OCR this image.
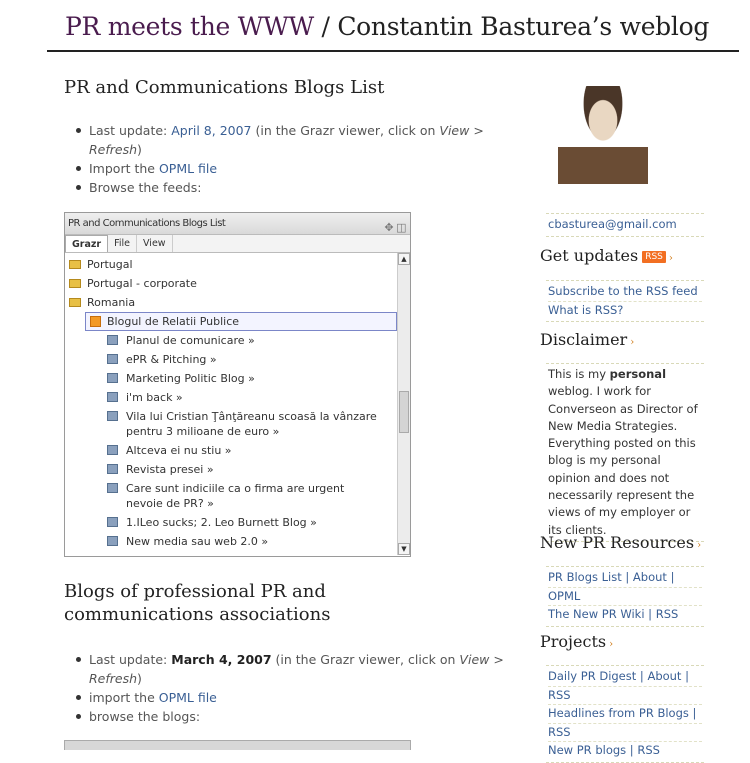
PR meets the WWW / Constantin Basturea’s weblog
PR and Communications Blogs List
Last update: April 8, 2007 (in the Grazr viewer, click on View > Refresh)
Import the OPML file
Browse the feeds:
PR and Communications Blogs List	✥ ◫
Grazr	File	View
Portugal
Portugal - corporate
Romania
Blogul de Relatii Publice
Planul de comunicare »
ePR & Pitching »
Marketing Politic Blog »
i'm back »
Vila lui Cristian Ţânţăreanu scoasă la vânzare pentru 3 milioane de euro »
Altceva ei nu stiu »
Revista presei »
Care sunt indiciile ca o firma are urgent nevoie de PR? »
1.ILeo sucks; 2. Leo Burnett Blog »
New media sau web 2.0 »
▲
▼
Blogs of professional PR and communications associations
Last update: March 4, 2007 (in the Grazr viewer, click on View > Refresh)
import the OPML file
browse the blogs:
cbasturea@gmail.com
Get updates RSS ›
Subscribe to the RSS feed
What is RSS?
Disclaimer ›
This is my personal weblog. I work for Converseon as Director of New Media Strategies. Everything posted on this blog is my personal opinion and does not necessarily represent the views of my employer or its clients.
New PR Resources ›
PR Blogs List | About |
OPML
The New PR Wiki | RSS
Projects ›
Daily PR Digest | About |
RSS
Headlines from PR Blogs |
RSS
New PR blogs | RSS
